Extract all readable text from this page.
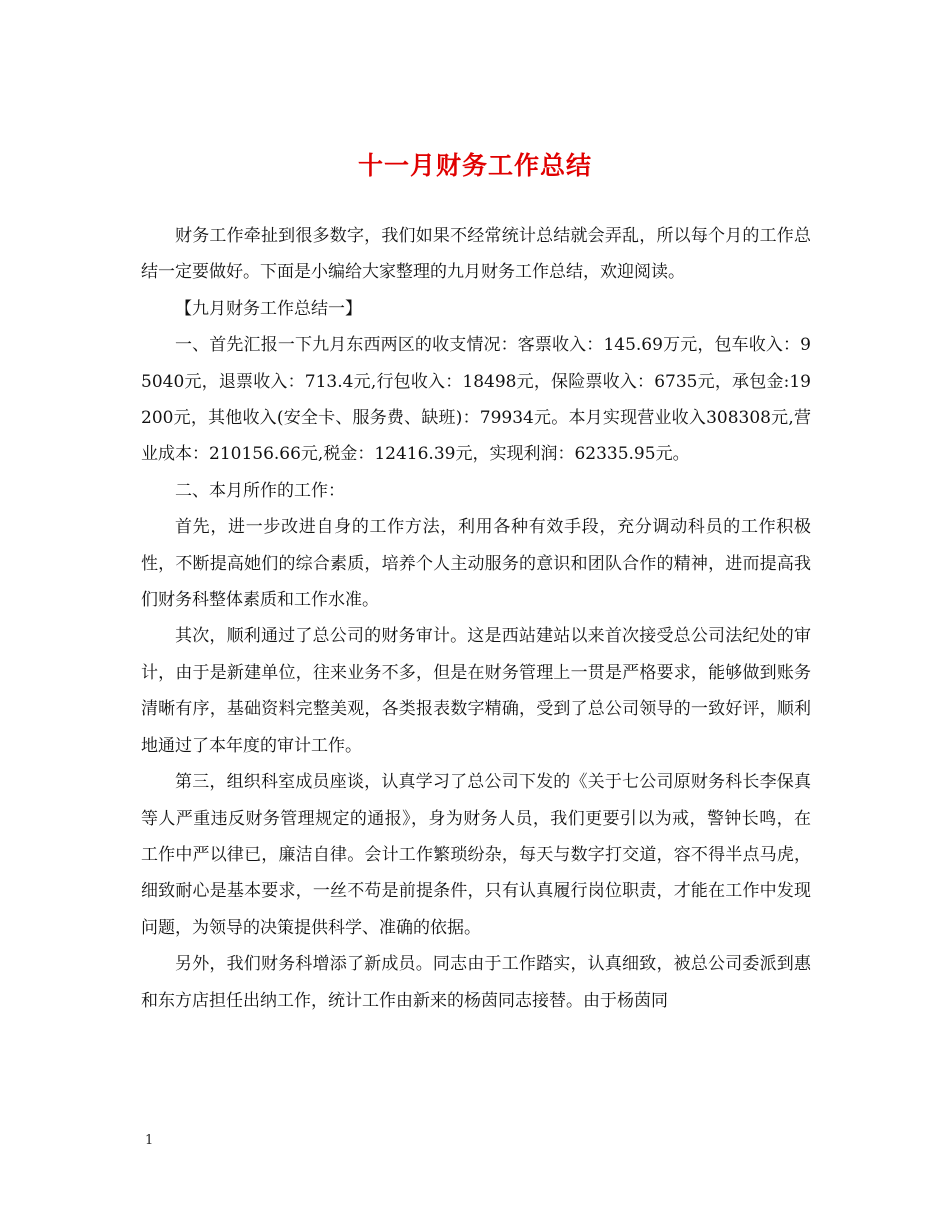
十一月财务工作总结

财务工作牵扯到很多数字，我们如果不经常统计总结就会弄乱，所以每个月的工作总结一定要做好。下面是小编给大家整理的九月财务工作总结，欢迎阅读。

【九月财务工作总结一】

一、首先汇报一下九月东西两区的收支情况：客票收入：145.69万元，包车收入：95040元，退票收入：713.4元,行包收入：18498元，保险票收入：6735元，承包金:19200元，其他收入(安全卡、服务费、缺班)：79934元。本月实现营业收入308308元,营业成本：210156.66元,税金：12416.39元，实现利润：62335.95元。

二、本月所作的工作：

首先，进一步改进自身的工作方法，利用各种有效手段，充分调动科员的工作积极性，不断提高她们的综合素质，培养个人主动服务的意识和团队合作的精神，进而提高我们财务科整体素质和工作水准。

其次，顺利通过了总公司的财务审计。这是西站建站以来首次接受总公司法纪处的审计，由于是新建单位，往来业务不多，但是在财务管理上一贯是严格要求，能够做到账务清晰有序，基础资料完整美观，各类报表数字精确，受到了总公司领导的一致好评，顺利地通过了本年度的审计工作。

第三，组织科室成员座谈，认真学习了总公司下发的《关于七公司原财务科长李保真等人严重违反财务管理规定的通报》，身为财务人员，我们更要引以为戒，警钟长鸣，在工作中严以律已，廉洁自律。会计工作繁琐纷杂，每天与数字打交道，容不得半点马虎，细致耐心是基本要求，一丝不苟是前提条件，只有认真履行岗位职责，才能在工作中发现问题，为领导的决策提供科学、准确的依据。

另外，我们财务科增添了新成员。同志由于工作踏实，认真细致，被总公司委派到惠和东方店担任出纳工作，统计工作由新来的杨茵同志接替。由于杨茵同

1
